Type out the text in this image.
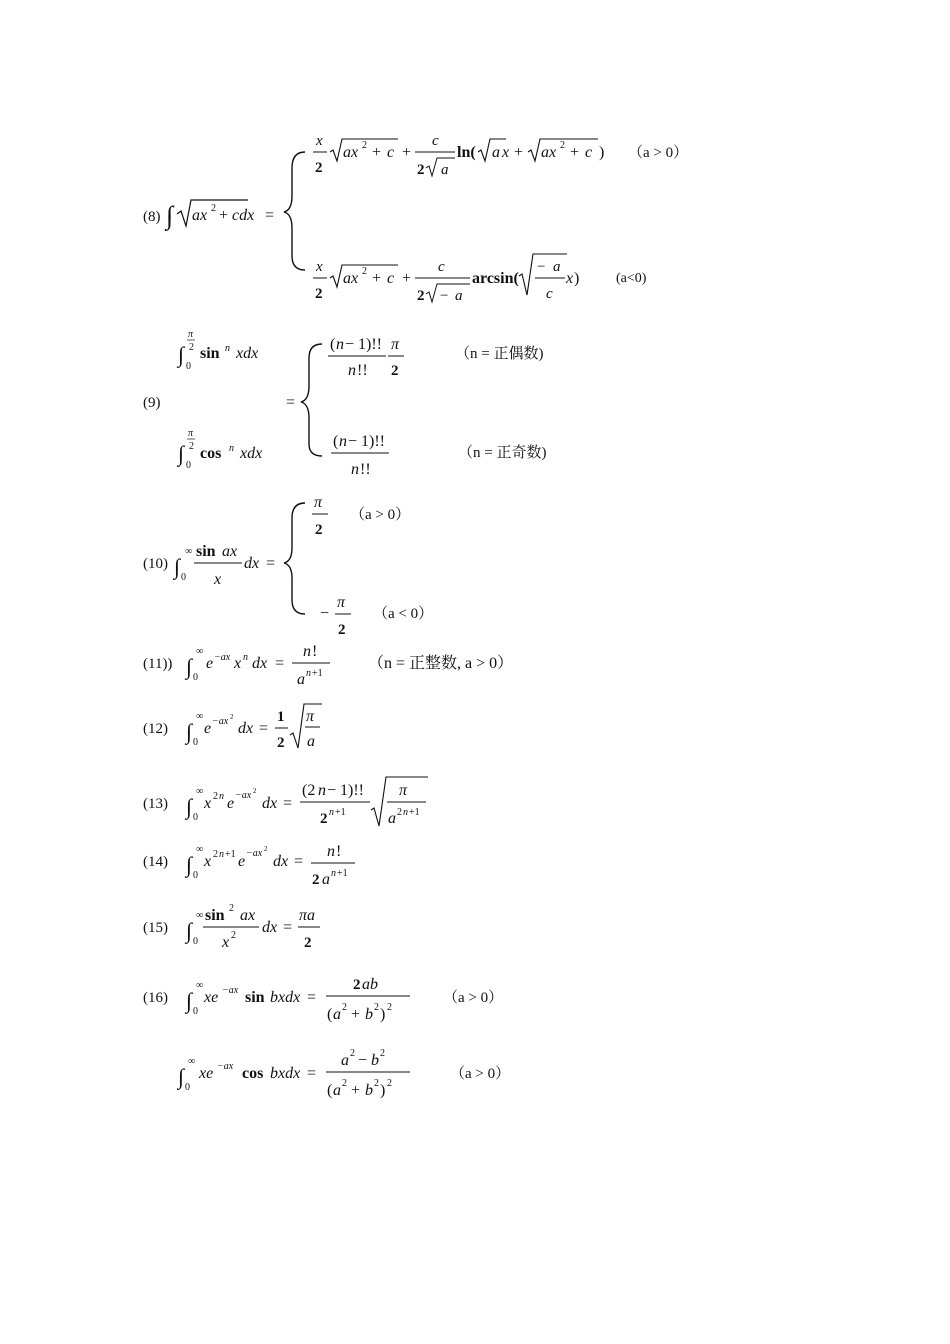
(8) ∫ ax 2 + cdx =
x
2
ax 2 + c +
c
2 a
ln( a x + ax 2 + c ) （a > 0）
x
2
ax 2 + c +
c
2 − a
arcsin(
− a
c
x )	(a<0)
(9)
∫
π
2
0
sin n xdx
∫
π
2
0
cos n xdx
=
( n − 1)!!
n !!
π
2
（n = 正偶数)
( n − 1)!!
n !!
（n = 正奇数)
(10) ∫
∞
0
sin ax
x
dx =
π
2
（a > 0）
−
π
2
（a < 0）
(11)) ∫
∞
0
e −ax x n dx =
n !
a n +1
（n = 正整数, a > 0）
(12) ∫
∞
0
e −ax 2
dx =
1
2
π
a
(13) ∫
∞
0
x 2 n e −ax 2
dx =
(2 n − 1)!!
2 n +1
π
a 2 n +1
(14) ∫
∞
0
x 2 n +1 e −ax 2
dx =
n !
2 a n +1
(15) ∫
∞
0
sin 2 ax
x 2 dx =
πa
2
(16) ∫
∞
0
xe −ax sin bxdx =
2 ab
( a 2 + b 2 ) 2
（a > 0）
∫
∞
0
xe −ax cos bxdx =
a 2 − b 2
( a 2 + b 2 ) 2
（a > 0）
